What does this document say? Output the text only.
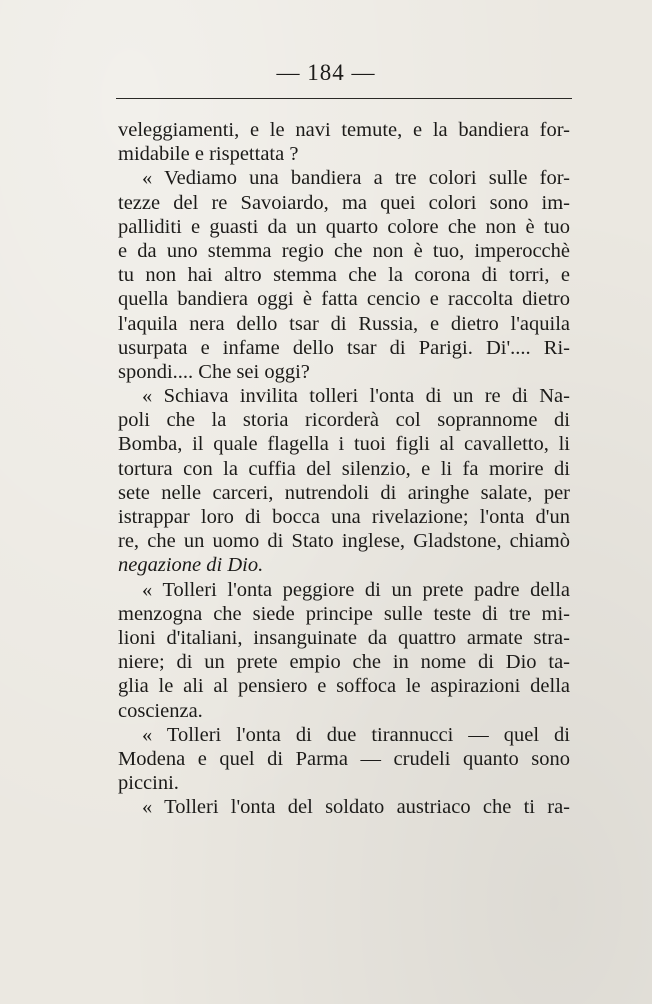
— 184 —
veleggiamenti, e le navi temute, e la bandiera for-
midabile e rispettata ?
« Vediamo una bandiera a tre colori sulle for-
tezze del re Savoiardo, ma quei colori sono im-
palliditi e guasti da un quarto colore che non è tuo
e da uno stemma regio che non è tuo, imperocchè
tu non hai altro stemma che la corona di torri, e
quella bandiera oggi è fatta cencio e raccolta dietro
l'aquila nera dello tsar di Russia, e dietro l'aquila
usurpata e infame dello tsar di Parigi. Di'.... Ri-
spondi.... Che sei oggi?
« Schiava invilita tolleri l'onta di un re di Na-
poli che la storia ricorderà col soprannome di
Bomba, il quale flagella i tuoi figli al cavalletto, li
tortura con la cuffia del silenzio, e li fa morire di
sete nelle carceri, nutrendoli di aringhe salate, per
istrappar loro di bocca una rivelazione; l'onta d'un
re, che un uomo di Stato inglese, Gladstone, chiamò
negazione di Dio.
« Tolleri l'onta peggiore di un prete padre della
menzogna che siede principe sulle teste di tre mi-
lioni d'italiani, insanguinate da quattro armate stra-
niere; di un prete empio che in nome di Dio ta-
glia le ali al pensiero e soffoca le aspirazioni della
coscienza.
« Tolleri l'onta di due tirannucci — quel di
Modena e quel di Parma — crudeli quanto sono
piccini.
« Tolleri l'onta del soldato austriaco che ti ra-
